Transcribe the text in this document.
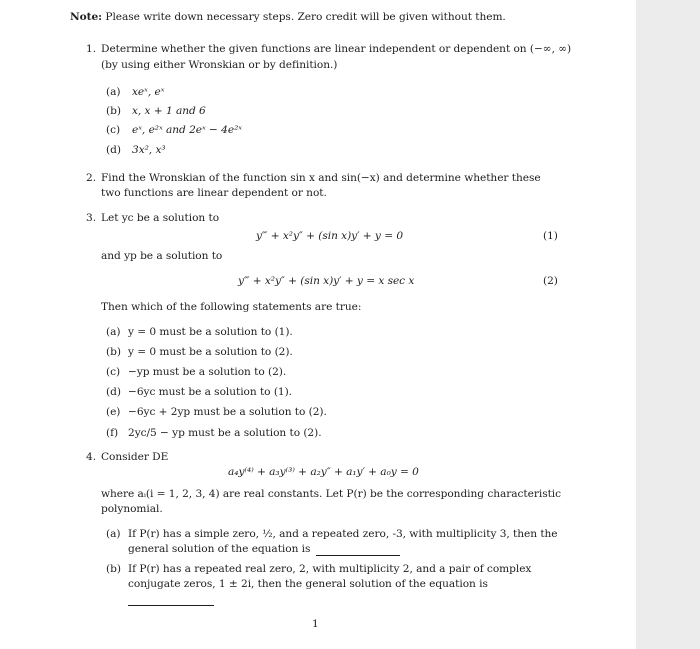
Note: Please write down necessary steps. Zero credit will be given without them.
1. Determine whether the given functions are linear independent or dependent on (−∞, ∞)
(by using either Wronskian or by definition.)
(a) xeˣ, eˣ
(b) x, x + 1 and 6
(c) eˣ, e²ˣ and 2eˣ − 4e²ˣ
(d) 3x², x³
2. Find the Wronskian of the function sin x and sin(−x) and determine whether these
two functions are linear dependent or not.
3. Let yc be a solution to
y‴ + x²y″ + (sin x)y′ + y = 0	(1)
and yp be a solution to
y‴ + x²y″ + (sin x)y′ + y = x sec x	(2)
Then which of the following statements are true:
(a) y = 0 must be a solution to (1).
(b) y = 0 must be a solution to (2).
(c) −yp must be a solution to (2).
(d) −6yc must be a solution to (1).
(e) −6yc + 2yp must be a solution to (2).
(f) 2yc/5 − yp must be a solution to (2).
4. Consider DE
a₄y⁽⁴⁾ + a₃y⁽³⁾ + a₂y″ + a₁y′ + a₀y = 0
where aᵢ(i = 1, 2, 3, 4) are real constants. Let P(r) be the corresponding characteristic
polynomial.
(a) If P(r) has a simple zero, ½, and a repeated zero, -3, with multiplicity 3, then the
general solution of the equation is
(b) If P(r) has a repeated real zero, 2, with multiplicity 2, and a pair of complex
conjugate zeros, 1 ± 2i, then the general solution of the equation is
1
